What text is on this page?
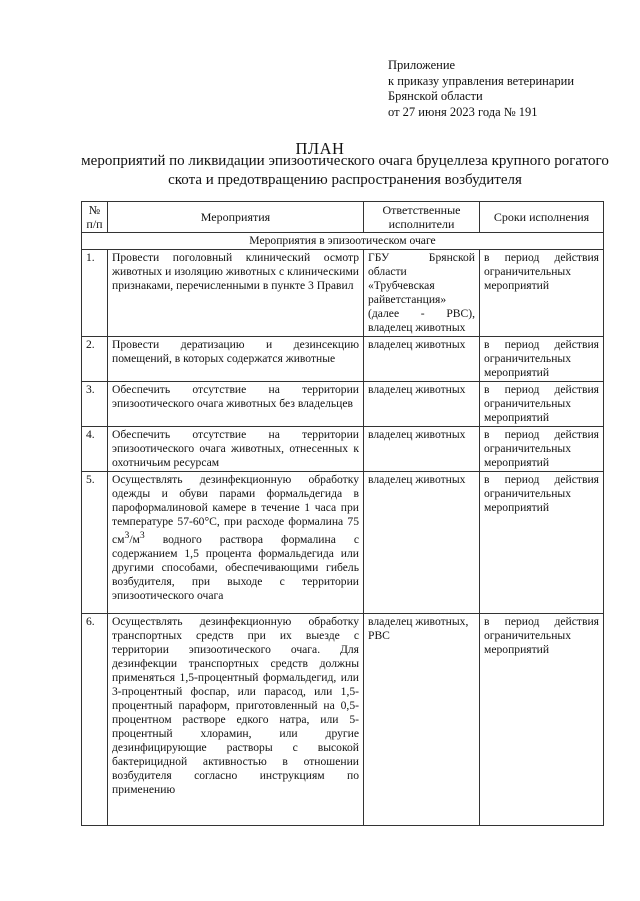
Приложение
к приказу управления ветеринарии
Брянской области
от 27 июня 2023 года № 191
ПЛАН
мероприятий по ликвидации эпизоотического очага бруцеллеза крупного рогатого скота и предотвращению распространения возбудителя
№ п/п	Мероприятия	Ответственные исполнители	Сроки исполнения
Мероприятия в эпизоотическом очаге			
1.	Провести поголовный клинический осмотр животных и изоляцию животных с клиническими признаками, перечисленными в пункте 3 Правил	ГБУ Брянской области «Трубчевская райветстанция» (далее - РВС), владелец животных	в период действия
ограничительных мероприятий

2.	Провести дератизацию и дезинсекцию помещений, в которых содержатся животные	владелец животных	в период действия
ограничительных мероприятий

3.	Обеспечить отсутствие на территории эпизоотического очага животных без владельцев	владелец животных	в период действия
ограничительных мероприятий

4.	Обеспечить отсутствие на территории эпизоотического очага животных, отнесенных к охотничьим ресурсам	владелец животных	в период действия
ограничительных мероприятий

5.	Осуществлять дезинфекционную обработку одежды и обуви парами формальдегида в пароформалиновой камере в течение 1 часа при температуре 57-60°C, при расходе формалина 75 $см^3/м^3$ водного раствора формалина с содержанием 1,5 процента формальдегида или другими способами, обеспечивающими гибель возбудителя, при выходе с территории эпизоотического очага	владелец животных	в период действия
ограничительных мероприятий

6.	Осуществлять дезинфекционную обработку транспортных средств при их выезде с территории эпизоотического очага. Для дезинфекции транспортных средств должны применяться 1,5-процентный формальдегид, или 3-процентный фоспар, или парасод, или 1,5-процентный параформ, приготовленный на 0,5-процентном растворе едкого натра, или 5-процентный хлорамин, или другие дезинфицирующие растворы с высокой бактерицидной активностью в отношении возбудителя согласно инструкциям по применению	владелец животных, РВС	в период действия
ограничительных мероприятий
